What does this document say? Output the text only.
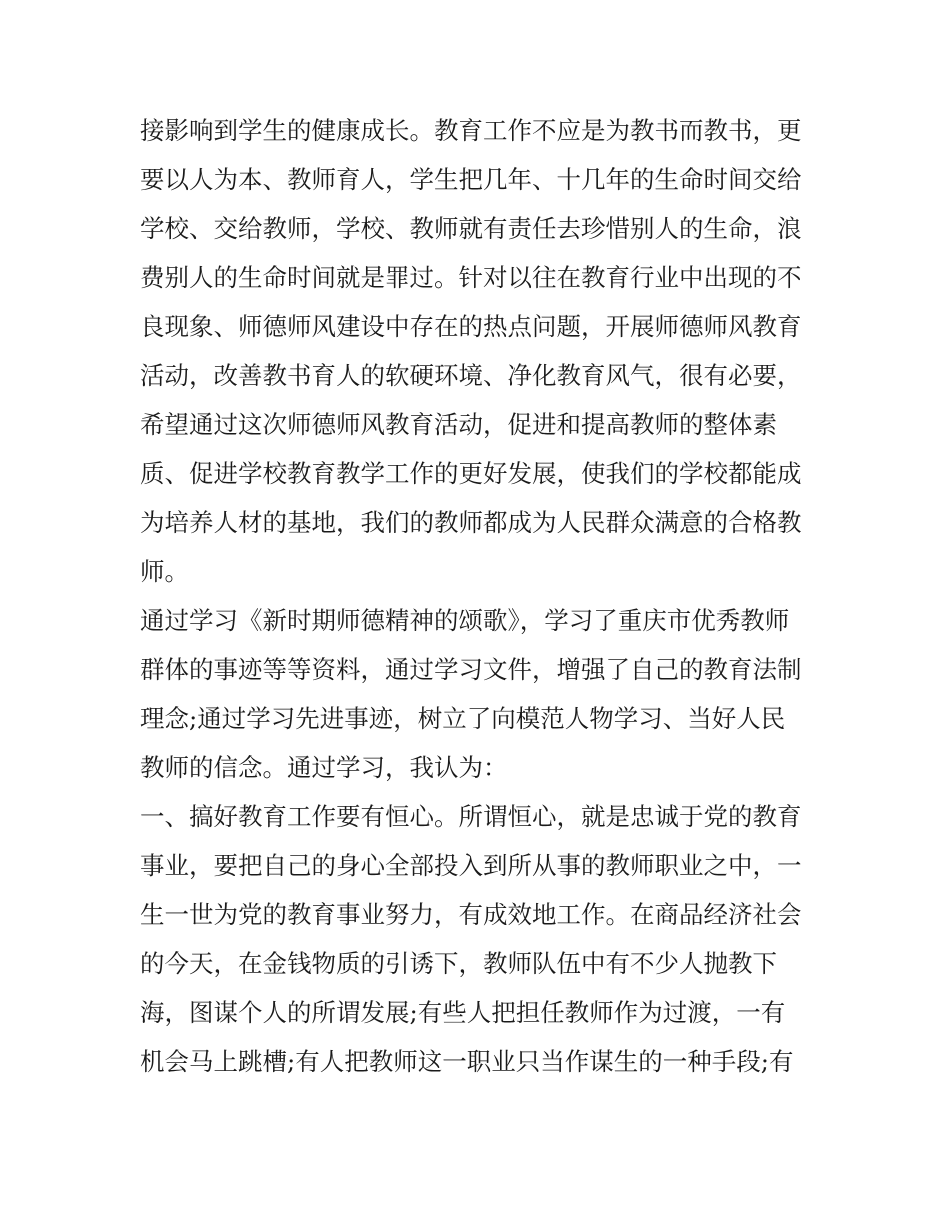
接影响到学生的健康成长。教育工作不应是为教书而教书，更
要以人为本、教师育人，学生把几年、十几年的生命时间交给
学校、交给教师，学校、教师就有责任去珍惜别人的生命，浪
费别人的生命时间就是罪过。针对以往在教育行业中出现的不
良现象、师德师风建设中存在的热点问题，开展师德师风教育
活动，改善教书育人的软硬环境、净化教育风气，很有必要，
希望通过这次师德师风教育活动，促进和提高教师的整体素
质、促进学校教育教学工作的更好发展，使我们的学校都能成
为培养人材的基地，我们的教师都成为人民群众满意的合格教
师。
通过学习《新时期师德精神的颂歌》，学习了重庆市优秀教师
群体的事迹等等资料，通过学习文件，增强了自己的教育法制
理念;通过学习先进事迹，树立了向模范人物学习、当好人民
教师的信念。通过学习，我认为：
一、搞好教育工作要有恒心。所谓恒心，就是忠诚于党的教育
事业，要把自己的身心全部投入到所从事的教师职业之中，一
生一世为党的教育事业努力，有成效地工作。在商品经济社会
的今天，在金钱物质的引诱下，教师队伍中有不少人抛教下
海，图谋个人的所谓发展;有些人把担任教师作为过渡，一有
机会马上跳槽;有人把教师这一职业只当作谋生的一种手段;有
